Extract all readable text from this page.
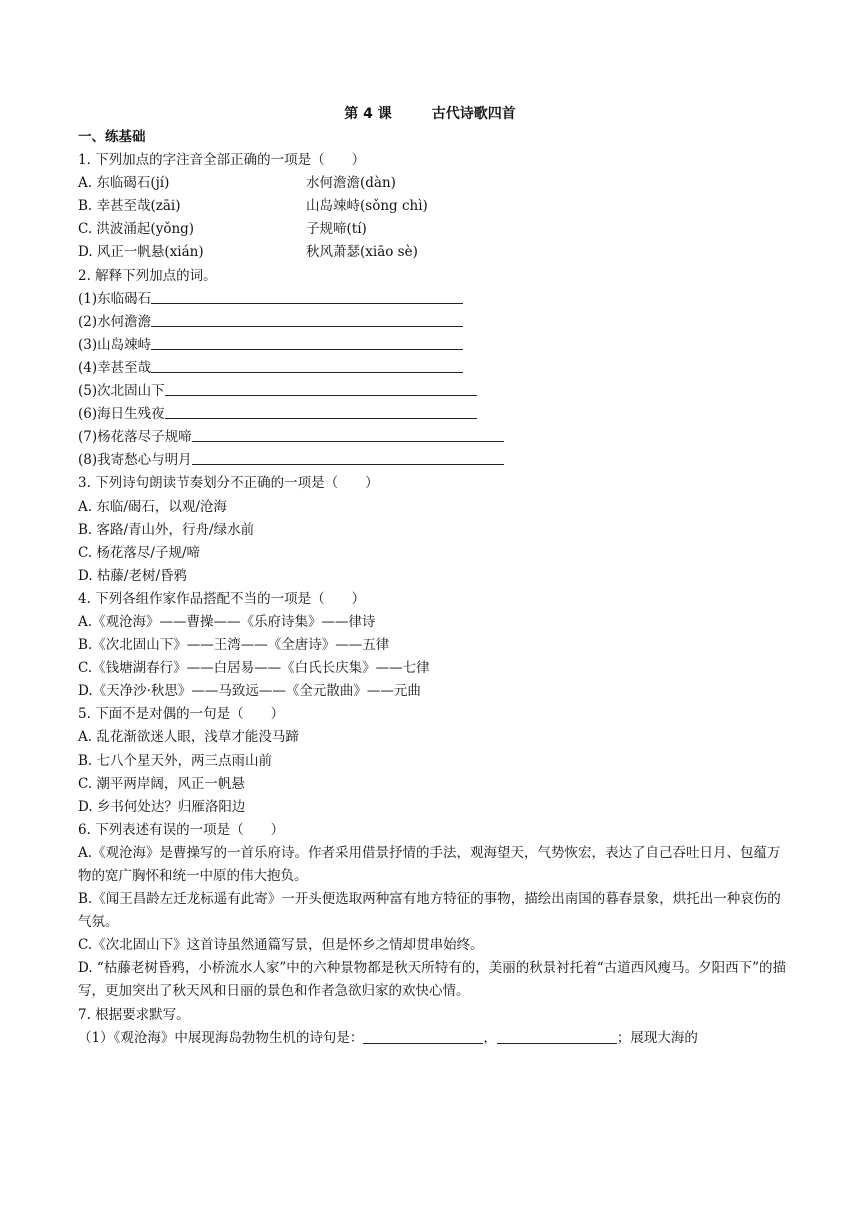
第 4 课	古代诗歌四首
一、练基础
1. 下列加点的字注音全部正确的一项是（　　）
A. 东临碣石(jí)	水何澹澹(dàn)
B. 幸甚至哉(zāi)	山岛竦峙(sǒng chì)
C. 洪波涌起(yǒng)	子规啼(tí)
D. 风正一帆悬(xián)	秋风萧瑟(xiāo sè)
2. 解释下列加点的词。
(1)东临碣石
(2)水何澹澹
(3)山岛竦峙
(4)幸甚至哉
(5)次北固山下
(6)海日生残夜
(7)杨花落尽子规啼
(8)我寄愁心与明月
3. 下列诗句朗读节奏划分不正确的一项是（　　）
A. 东临/碣石，以观/沧海
B. 客路/青山外，行舟/绿水前
C. 杨花落尽/子规/啼
D. 枯藤/老树/昏鸦
4. 下列各组作家作品搭配不当的一项是（　　）
A.《观沧海》——曹操——《乐府诗集》——律诗
B.《次北固山下》——王湾——《全唐诗》——五律
C.《钱塘湖春行》——白居易——《白氏长庆集》——七律
D.《天净沙·秋思》——马致远——《全元散曲》——元曲
5. 下面不是对偶的一句是（　　）
A. 乱花渐欲迷人眼，浅草才能没马蹄
B. 七八个星天外，两三点雨山前
C. 潮平两岸阔，风正一帆悬
D. 乡书何处达？归雁洛阳边
6. 下列表述有误的一项是（　　）
A.《观沧海》是曹操写的一首乐府诗。作者采用借景抒情的手法，观海望天，气势恢宏，表达了自己吞吐日月、包蕴万物的宽广胸怀和统一中原的伟大抱负。
B.《闻王昌龄左迁龙标遥有此寄》一开头便选取两种富有地方特征的事物，描绘出南国的暮春景象，烘托出一种哀伤的气氛。
C.《次北固山下》这首诗虽然通篇写景，但是怀乡之情却贯串始终。
D. “枯藤老树昏鸦，小桥流水人家”中的六种景物都是秋天所特有的，美丽的秋景衬托着“古道西风瘦马。夕阳西下”的描写，更加突出了秋天风和日丽的景色和作者急欲归家的欢快心情。
7. 根据要求默写。
（1）《观沧海》中展现海岛勃物生机的诗句是：	，	；展现大海的
